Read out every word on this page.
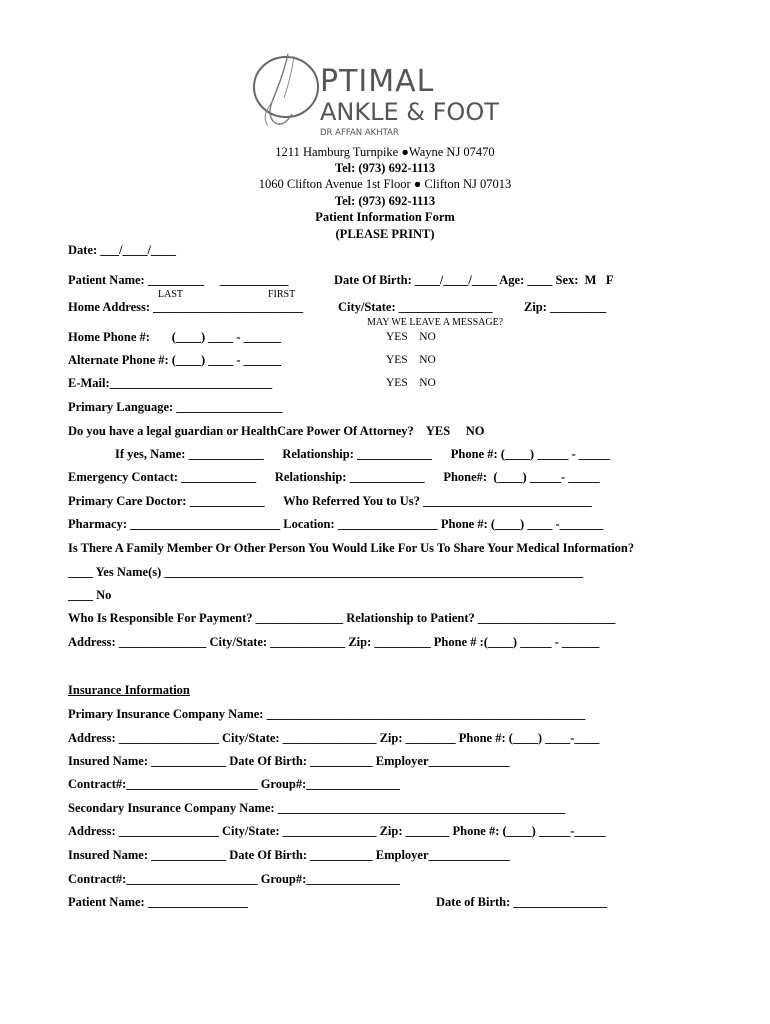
PTIMAL
ANKLE & FOOT
DR AFFAN AKHTAR
1211 Hamburg Turnpike ●Wayne NJ 07470
Tel: (973) 692-1113
1060 Clifton Avenue 1st Floor ● Clifton NJ 07013
Tel: (973) 692-1113
Patient Information Form
(PLEASE PRINT)
Date: ___/____/____
Patient Name: _________     ___________
LAST	FIRST
Date Of Birth: ____/____/____ Age: ____ Sex:  M   F
Home Address: ________________________	City/State: _______________	Zip: _________
MAY WE LEAVE A MESSAGE?
Home Phone #:       (____) ____ - ______	YES    NO
Alternate Phone #: (____) ____ - ______	YES    NO
E-Mail:__________________________	YES    NO
Primary Language: _________________
Do you have a legal guardian or HealthCare Power Of Attorney?    YES     NO
If yes, Name: ____________      Relationship: ____________      Phone #: (____) _____ - _____
Emergency Contact: ____________      Relationship: ____________      Phone#:  (____) _____- _____
Primary Care Doctor: ____________      Who Referred You to Us? ___________________________
Pharmacy: ________________________ Location: ________________ Phone #: (____) ____ -_______
Is There A Family Member Or Other Person You Would Like For Us To Share Your Medical Information?
____ Yes Name(s) ___________________________________________________________________
____ No
Who Is Responsible For Payment? ______________ Relationship to Patient? ______________________
Address: ______________ City/State: ____________ Zip: _________ Phone # :(____) _____ - ______
Insurance Information
Primary Insurance Company Name: ___________________________________________________
Address: ________________ City/State: _______________ Zip: ________ Phone #: (____) ____-____
Insured Name: ____________ Date Of Birth: __________ Employer_____________
Contract#:_____________________ Group#:_______________
Secondary Insurance Company Name: ______________________________________________
Address: ________________ City/State: _______________ Zip: _______ Phone #: (____) _____-_____
Insured Name: ____________ Date Of Birth: __________ Employer_____________
Contract#:_____________________ Group#:_______________
Patient Name: ________________	Date of Birth: _______________
